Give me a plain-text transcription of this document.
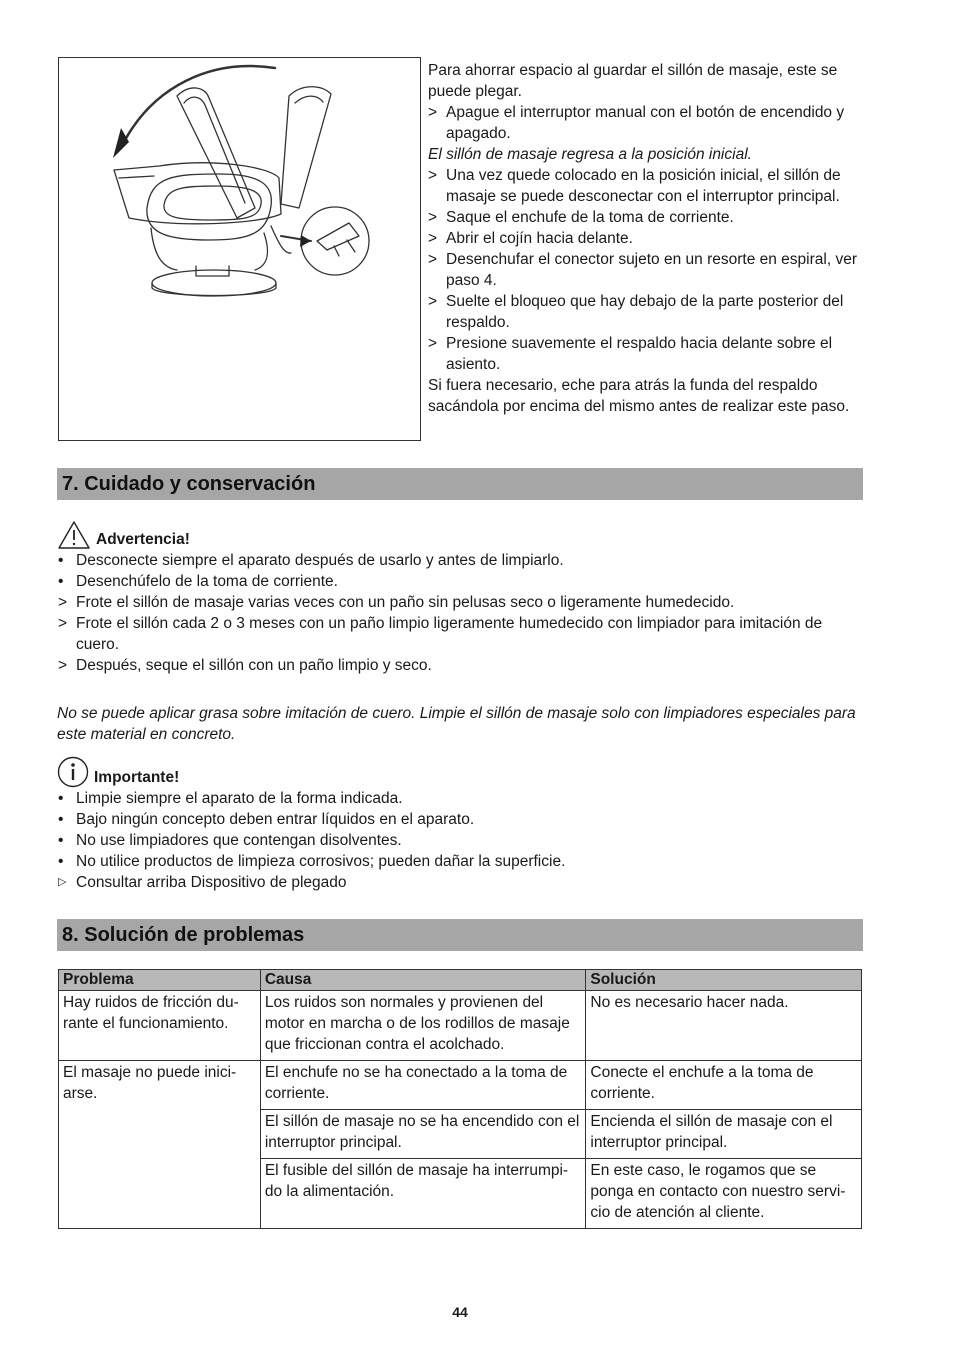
Para ahorrar espacio al guardar el sillón de masaje, este se puede plegar.

> Apague el interruptor manual con el botón de encendido y apagado.

El sillón de masaje regresa a la posición inicial.

> Una vez quede colocado en la posición inicial, el sillón de masaje se puede desconectar con el interruptor principal.
> Saque el enchufe de la toma de corriente.
> Abrir el cojín hacia delante.
> Desenchufar el conector sujeto en un resorte en espiral, ver paso 4.
> Suelte el bloqueo que hay debajo de la parte posterior del respaldo.
> Presione suavemente el respaldo hacia delante sobre el asiento.

Si fuera necesario, eche para atrás la funda del respaldo sacándola por encima del mismo antes de realizar este paso.

7. Cuidado y conservación
Advertencia!
• Desconecte siempre el aparato después de usarlo y antes de limpiarlo.
• Desenchúfelo de la toma de corriente.
> Frote el sillón de masaje varias veces con un paño sin pelusas seco o ligeramente humedecido.
> Frote el sillón cada 2 o 3 meses con un paño limpio ligeramente humedecido con limpiador para imitación de cuero.
> Después, seque el sillón con un paño limpio y seco.

No se puede aplicar grasa sobre imitación de cuero. Limpie el sillón de masaje solo con limpiadores especiales para este material en concreto.

Importante!
• Limpie siempre el aparato de la forma indicada.
• Bajo ningún concepto deben entrar líquidos en el aparato.
• No use limpiadores que contengan disolventes.
• No utilice productos de limpieza corrosivos; pueden dañar la superficie.
▷ Consultar arriba Dispositivo de plegado
8. Solución de problemas
Problema	Causa	Solución
Hay ruidos de fricción du-rante el funcionamiento.	Los ruidos son normales y provienen del motor en marcha o de los rodillos de masaje que friccionan contra el acolchado.	No es necesario hacer nada.
El masaje no puede inici-arse.	El enchufe no se ha conectado a la toma de corriente.	Conecte el enchufe a la toma de corriente.
	El sillón de masaje no se ha encendido con el interruptor principal.	Encienda el sillón de masaje con el interruptor principal.
	El fusible del sillón de masaje ha interrumpi-do la alimentación.	En este caso, le rogamos que se ponga en contacto con nuestro servi-cio de atención al cliente.
44
